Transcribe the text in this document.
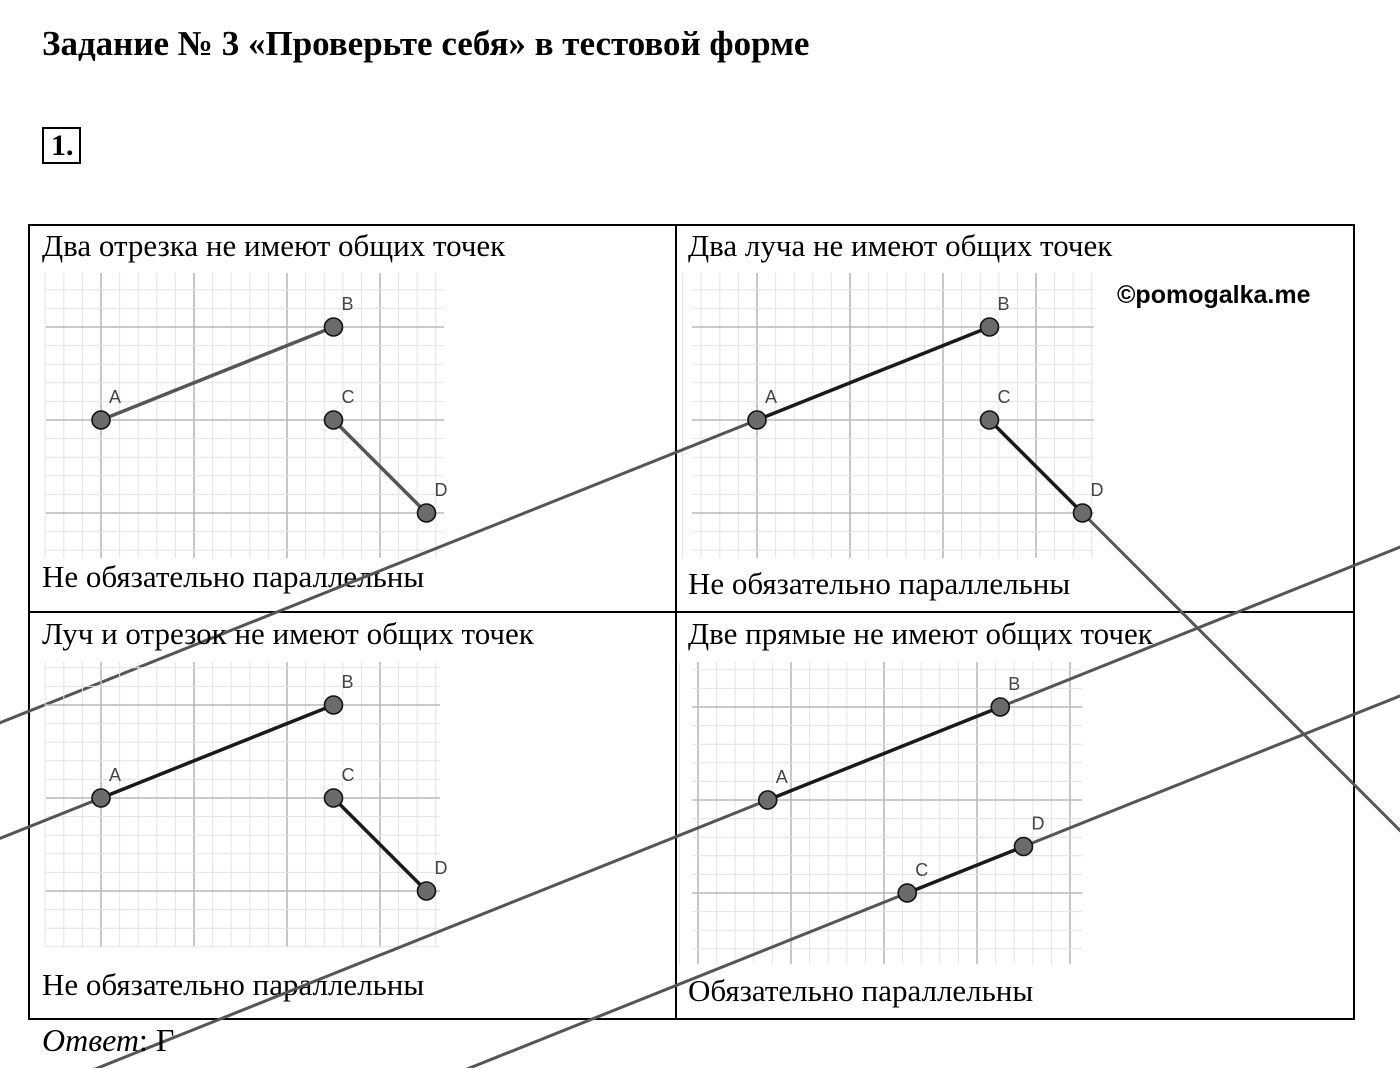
Задание № 3 «Проверьте себя» в тестовой форме
1.

Два отрезка не имеют общих точек

A
B
C
D

Не обязательно параллельны

Два луча не имеют общих точек

A
B
C
D

Не обязательно параллельны

Луч и отрезок не имеют общих точек

A
B
C
D

Не обязательно параллельны

Две прямые не имеют общих точек

A
B
C
D

Обязательно параллельны

©pomogalka.me
Ответ: Г
